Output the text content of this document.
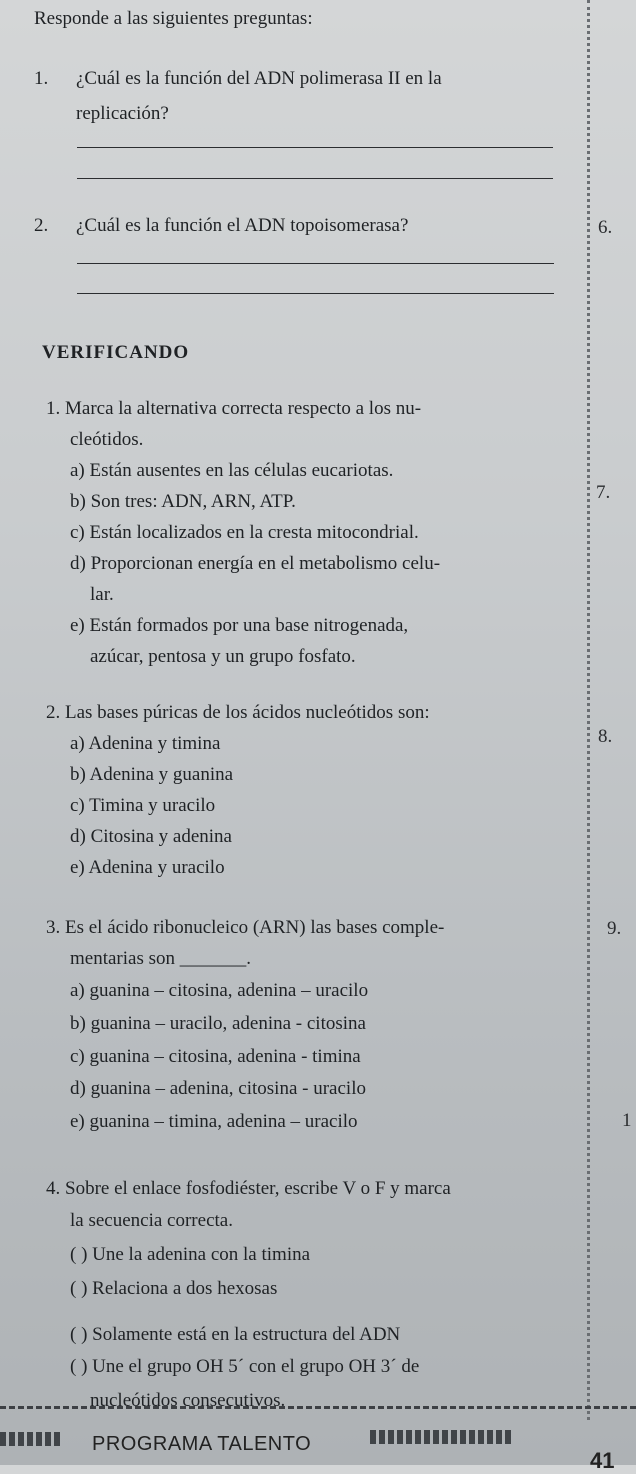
Responde a las siguientes preguntas:
1. ¿Cuál es la función del ADN polimerasa II en la
replicación?
2. ¿Cuál es la función el ADN topoisomerasa?
VERIFICANDO
1. Marca la alternativa correcta respecto a los nu-
cleótidos.
a) Están ausentes en las células eucariotas.
b) Son tres: ADN, ARN, ATP.
c) Están localizados en la cresta mitocondrial.
d) Proporcionan energía en el metabolismo celu-
lar.
e) Están formados por una base nitrogenada,
azúcar, pentosa y un grupo fosfato.
2. Las bases púricas de los ácidos nucleótidos son:
a) Adenina y timina
b) Adenina y guanina
c) Timina y uracilo
d) Citosina y adenina
e) Adenina y uracilo
3. Es el ácido ribonucleico (ARN) las bases comple-
mentarias son _______.
a) guanina – citosina, adenina – uracilo
b) guanina – uracilo, adenina - citosina
c) guanina – citosina, adenina - timina
d) guanina – adenina, citosina - uracilo
e) guanina – timina, adenina – uracilo
4. Sobre el enlace fosfodiéster, escribe V o F y marca
la secuencia correcta.
( ) Une la adenina con la timina
( ) Relaciona a dos hexosas
( ) Solamente está en la estructura del ADN
( ) Une el grupo OH 5´ con el grupo OH 3´ de
nucleótidos consecutivos.
6.
7.
8.
9.
1
PROGRAMA TALENTO
41
